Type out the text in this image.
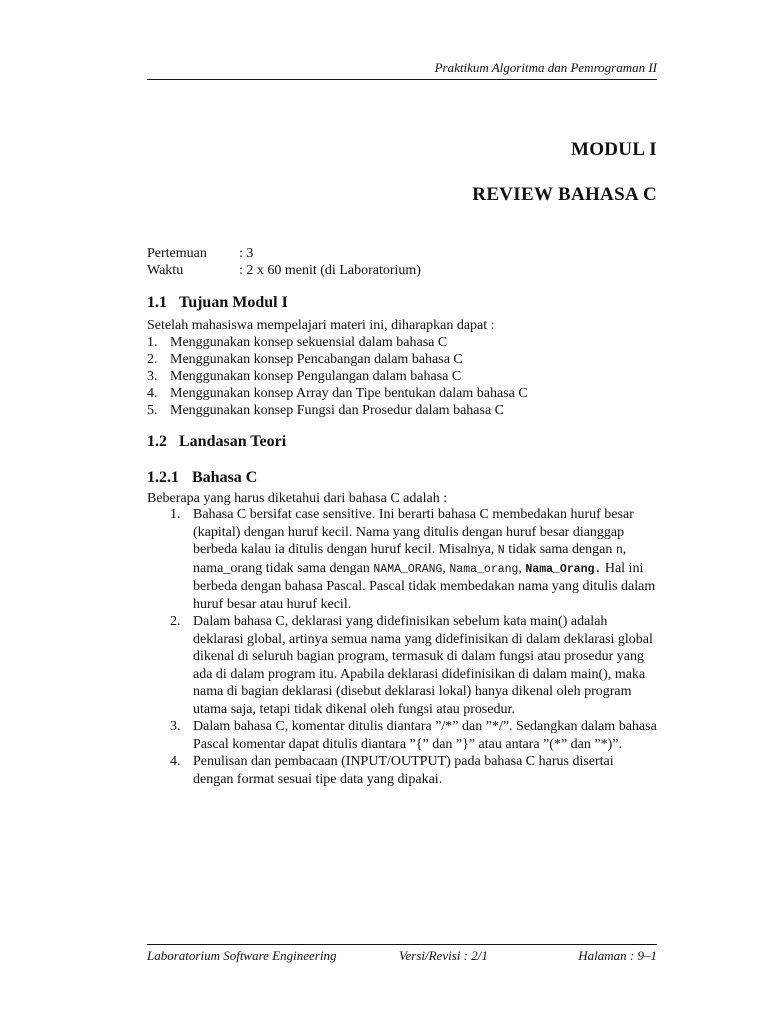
Praktikum Algoritma dan Pemrograman II
MODUL I
REVIEW BAHASA C
Pertemuan	: 3
Waktu	: 2 x 60 menit (di Laboratorium)
1.1 Tujuan Modul I
Setelah mahasiswa mempelajari materi ini, diharapkan dapat :
1. Menggunakan konsep sekuensial dalam bahasa C
2. Menggunakan konsep Pencabangan dalam bahasa C
3. Menggunakan konsep Pengulangan dalam bahasa C
4. Menggunakan konsep Array dan Tipe bentukan dalam bahasa C
5. Menggunakan konsep Fungsi dan Prosedur dalam bahasa C
1.2 Landasan Teori
1.2.1 Bahasa C
Beberapa yang harus diketahui dari bahasa C adalah :
1. Bahasa C bersifat case sensitive. Ini berarti bahasa C membedakan huruf besar (kapital) dengan huruf kecil. Nama yang ditulis dengan huruf besar dianggap berbeda kalau ia ditulis dengan huruf kecil. Misalnya, N tidak sama dengan n, nama_orang tidak sama dengan NAMA_ORANG, Nama_orang, Nama_Orang. Hal ini berbeda dengan bahasa Pascal. Pascal tidak membedakan nama yang ditulis dalam huruf besar atau huruf kecil.
2. Dalam bahasa C, deklarasi yang didefinisikan sebelum kata main() adalah deklarasi global, artinya semua nama yang didefinisikan di dalam deklarasi global dikenal di seluruh bagian program, termasuk di dalam fungsi atau prosedur yang ada di dalam program itu. Apabila deklarasi didefinisikan di dalam main(), maka nama di bagian deklarasi (disebut deklarasi lokal) hanya dikenal oleh program utama saja, tetapi tidak dikenal oleh fungsi atau prosedur.
3. Dalam bahasa C, komentar ditulis diantara ”/*” dan ”*/”. Sedangkan dalam bahasa Pascal komentar dapat ditulis diantara ”{” dan ”}” atau antara ”(*” dan ”*)”.
4. Penulisan dan pembacaan (INPUT/OUTPUT) pada bahasa C harus disertai dengan format sesuai tipe data yang dipakai.
Laboratorium Software Engineering	Versi/Revisi : 2/1	Halaman : 9–1
